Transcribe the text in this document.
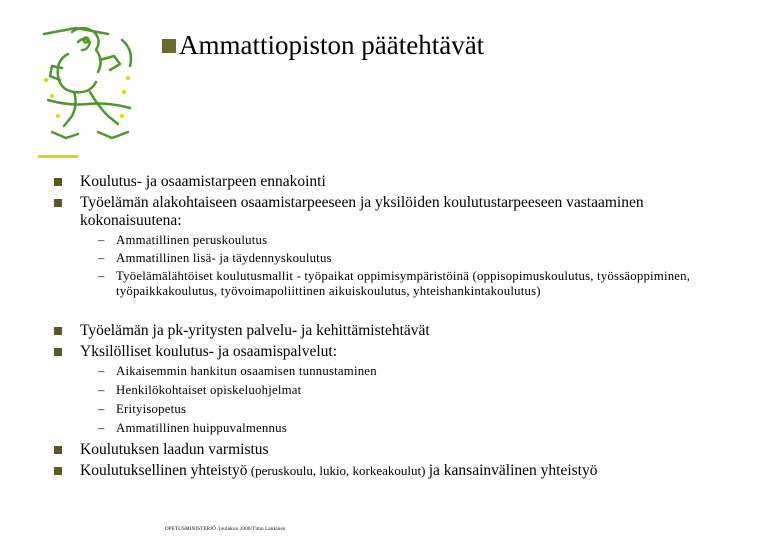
Ammattiopiston päätehtävät
Koulutus- ja osaamistarpeen ennakointi
Työelämän alakohtaiseen osaamistarpeeseen ja yksilöiden koulutustarpeeseen vastaaminen kokonaisuutena:
– Ammatillinen peruskoulutus
– Ammatillinen lisä- ja täydennyskoulutus
– Työelämälähtöiset koulutusmallit - työpaikat oppimisympäristöinä (oppisopimuskoulutus, työssäoppiminen, työpaikkakoulutus, työvoimapoliittinen aikuiskoulutus, yhteishankintakoulutus)
Työelämän ja pk-yritysten palvelu- ja kehittämistehtävät
Yksilölliset koulutus- ja osaamispalvelut:
– Aikaisemmin hankitun osaamisen tunnustaminen
– Henkilökohtaiset opiskeluohjelmat
– Erityisopetus
– Ammatillinen huippuvalmennus
Koulutuksen laadun varmistus
Koulutuksellinen yhteistyö (peruskoulu, lukio, korkeakoulut) ja kansainvälinen yhteistyö
OPETUSMINISTERIÖ /joulukuu 2006/Timo Lankinen
